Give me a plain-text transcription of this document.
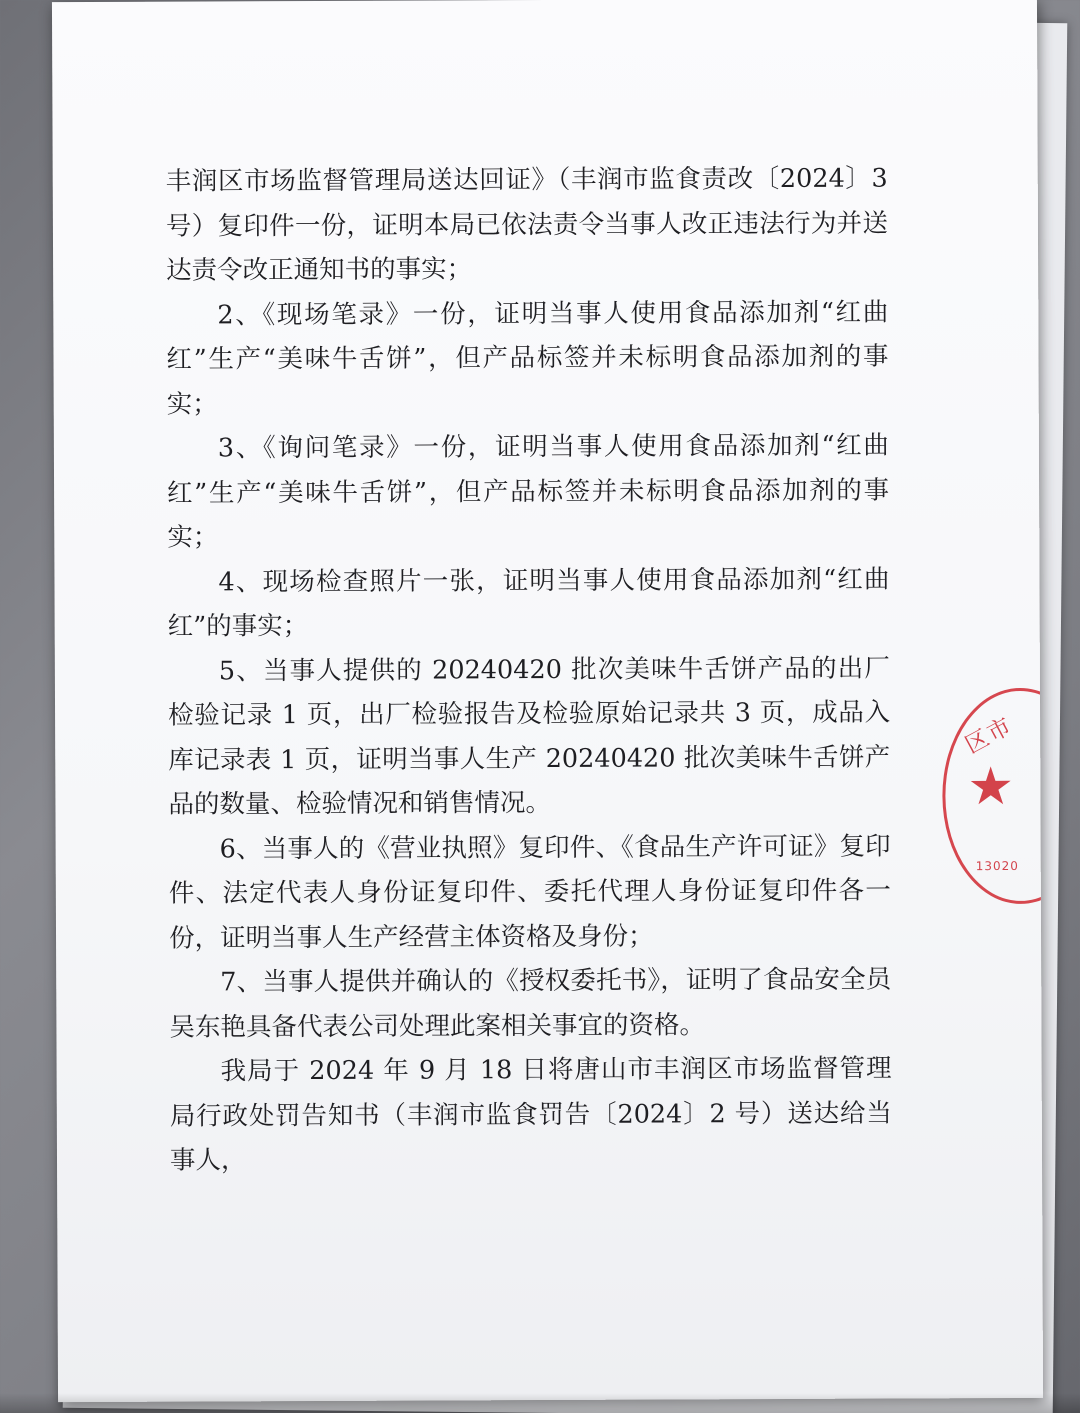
丰润区市场监督管理局送达回证》（丰润市监食责改〔2024〕3号）复印件一份，证明本局已依法责令当事人改正违法行为并送达责令改正通知书的事实；

2、《现场笔录》一份，证明当事人使用食品添加剂“红曲红”生产“美味牛舌饼”，但产品标签并未标明食品添加剂的事实；

3、《询问笔录》一份，证明当事人使用食品添加剂“红曲红”生产“美味牛舌饼”，但产品标签并未标明食品添加剂的事实；

4、现场检查照片一张，证明当事人使用食品添加剂“红曲红”的事实；

5、当事人提供的 20240420 批次美味牛舌饼产品的出厂检验记录 1 页，出厂检验报告及检验原始记录共 3 页，成品入库记录表 1 页，证明当事人生产 20240420 批次美味牛舌饼产品的数量、检验情况和销售情况。

6、当事人的《营业执照》复印件、《食品生产许可证》复印件、法定代表人身份证复印件、委托代理人身份证复印件各一份，证明当事人生产经营主体资格及身份；

7、当事人提供并确认的《授权委托书》，证明了食品安全员吴东艳具备代表公司处理此案相关事宜的资格。

我局于 2024 年 9 月 18 日将唐山市丰润区市场监督管理局行政处罚告知书（丰润市监食罚告〔2024〕2 号）送达给当事人，

区市
★
13020
